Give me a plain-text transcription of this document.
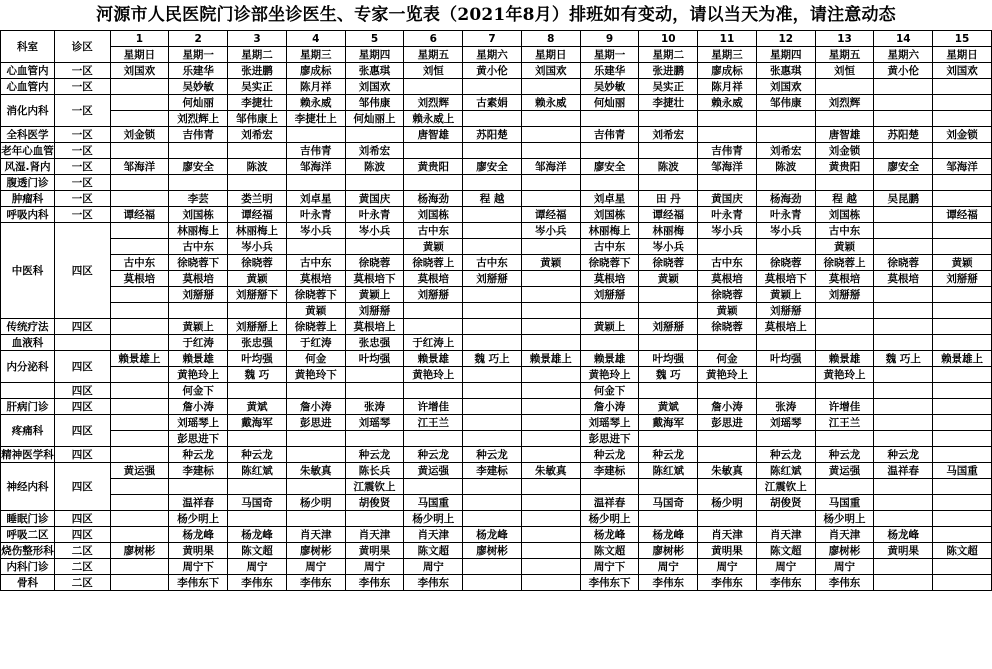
河源市人民医院门诊部坐诊医生、专家一览表（2021年8月）排班如有变动，请以当天为准，请注意动态
科室	诊区	1	2	3	4	5	6	7	8	9	10	11	12	13	14	15
		星期日	星期一	星期二	星期三	星期四	星期五	星期六	星期日	星期一	星期二	星期三	星期四	星期五	星期六	星期日
心血管内	一区	刘国欢	乐建华	张进鹏	廖成标	张惠琪	刘恒	黄小伦	刘国欢	乐建华	张进鹏	廖成标	张惠琪	刘恒	黄小伦	刘国欢
心血管内	一区		吴妙敏	吴实正	陈月祥	刘国欢				吴妙敏	吴实正	陈月祥	刘国欢			
消化内科	一区		何灿丽	李捷壮	赖永威	邹伟康	刘烈辉	古素娟	赖永威	何灿丽	李捷壮	赖永威	邹伟康	刘烈辉		
			刘烈辉上	邹伟康上	李捷壮上	何灿丽上	赖永威上									
全科医学	一区	刘金锁	吉伟青	刘希宏			唐智雄	苏阳楚		吉伟青	刘希宏			唐智雄	苏阳楚	刘金锁
老年心血管	一区				吉伟青	刘希宏						吉伟青	刘希宏	刘金锁		
风湿.肾内	一区	邹海洋	廖安全	陈波	邹海洋	陈波	黄贵阳	廖安全	邹海洋	廖安全	陈波	邹海洋	陈波	黄贵阳	廖安全	邹海洋
腹透门诊	一区															
肿瘤科	一区		李芸	娄兰明	刘卓星	黄国庆	杨海劲	程 越		刘卓星	田 丹	黄国庆	杨海劲	程 越	吴昆鹏	
呼吸内科	一区	谭经福	刘国栋	谭经福	叶永青	叶永青	刘国栋		谭经福	刘国栋	谭经福	叶永青	叶永青	刘国栋		谭经福
中医科	四区		林丽梅上	林丽梅上	岑小兵	岑小兵	古中东		岑小兵	林丽梅上	林丽梅	岑小兵	岑小兵	古中东		
			古中东	岑小兵			黄颖			古中东	岑小兵			黄颖		
		古中东	徐晓蓉下	徐晓蓉	古中东	徐晓蓉	徐晓蓉上	古中东	黄颖	徐晓蓉下	徐晓蓉	古中东	徐晓蓉	徐晓蓉上	徐晓蓉	黄颖
		莫根培	莫根培	黄颖	莫根培	莫根培下	莫根培	刘掰掰		莫根培	黄颖	莫根培	莫根培下	莫根培	莫根培	刘掰掰
			刘掰掰	刘掰掰下	徐晓蓉下	黄颖上	刘掰掰			刘掰掰		徐晓蓉	黄颖上	刘掰掰		
					黄颖	刘掰掰						黄颖	刘掰掰			
传统疗法	四区		黄颖上	刘掰掰上	徐晓蓉上	莫根培上				黄颖上	刘掰掰	徐晓蓉	莫根培上			
血液科			于红涛	张忠强	于红涛	张忠强	于红涛上									
内分泌科	四区	赖景雄上	赖景雄	叶均强	何金	叶均强	赖景雄	魏 巧上	赖景雄上	赖景雄	叶均强	何金	叶均强	赖景雄	魏 巧上	赖景雄上
			黄艳玲上	魏 巧	黄艳玲下		黄艳玲上			黄艳玲上	魏 巧	黄艳玲上		黄艳玲上		
	四区		何金下							何金下						
肝病门诊	四区		詹小涛	黄斌	詹小涛	张涛	许增佳			詹小涛	黄斌	詹小涛	张涛	许增佳		
疼痛科	四区		刘瑶琴上	戴海军	彭思进	刘瑶琴	江王兰			刘瑶琴上	戴海军	彭思进	刘瑶琴	江王兰		
			彭思进下							彭思进下						
精神医学科	四区		种云龙	种云龙		种云龙	种云龙	种云龙		种云龙	种云龙		种云龙	种云龙	种云龙	
神经内科	四区	黄运强	李建标	陈红斌	朱敏真	陈长兵	黄运强	李建标	朱敏真	李建标	陈红斌	朱敏真	陈红斌	黄运强	温祥春	马国重
						江震钦上							江震钦上			
			温祥春	马国奇	杨少明	胡俊贤	马国重			温祥春	马国奇	杨少明	胡俊贤	马国重		
睡眠门诊	四区		杨少明上				杨少明上			杨少明上				杨少明上		
呼吸二区	四区		杨龙峰	杨龙峰	肖天津	肖天津	肖天津	杨龙峰		杨龙峰	杨龙峰	肖天津	肖天津	肖天津	杨龙峰	
烧伤整形科	二区	廖树彬	黄明果	陈文超	廖树彬	黄明果	陈文超	廖树彬		陈文超	廖树彬	黄明果	陈文超	廖树彬	黄明果	陈文超
内科门诊	二区		周宁下	周宁	周宁	周宁	周宁			周宁下	周宁	周宁	周宁	周宁		
骨科	二区		李伟东下	李伟东	李伟东	李伟东	李伟东			李伟东下	李伟东	李伟东	李伟东	李伟东		
